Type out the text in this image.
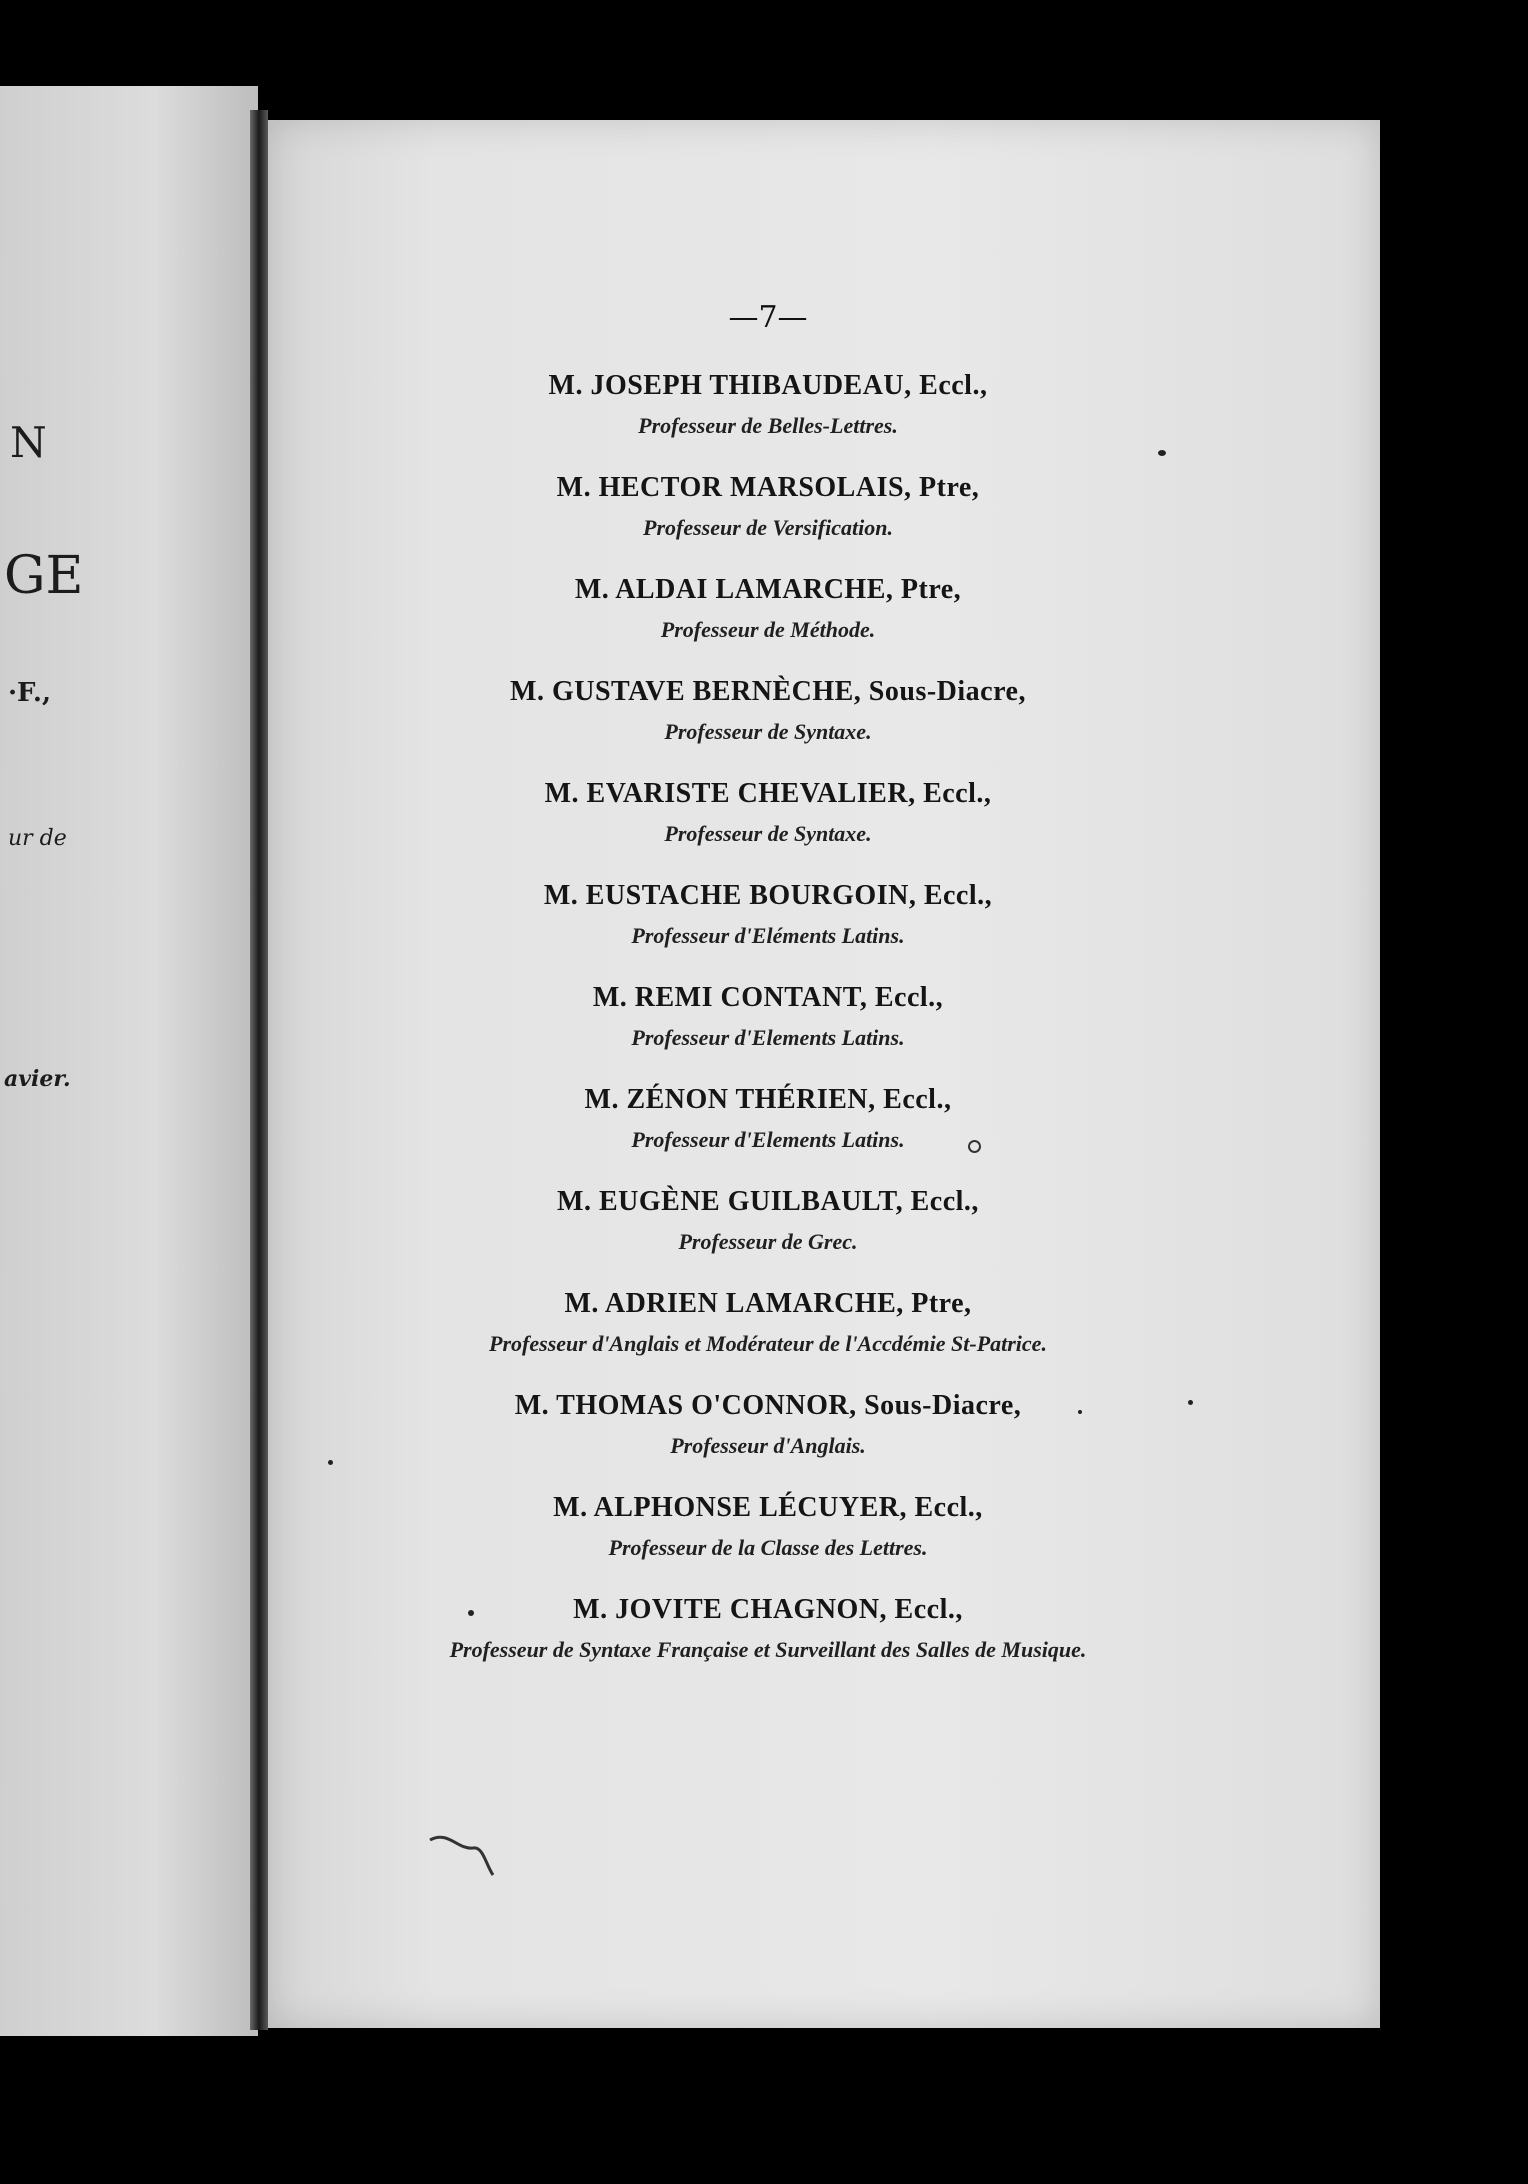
N
GE
·F.,
ur de
avier.
—7—
M. JOSEPH THIBAUDEAU, Eccl.,
Professeur de Belles-Lettres.
M. HECTOR MARSOLAIS, Ptre,
Professeur de Versification.
M. ALDAI LAMARCHE, Ptre,
Professeur de Méthode.
M. GUSTAVE BERNÈCHE, Sous-Diacre,
Professeur de Syntaxe.
M. EVARISTE CHEVALIER, Eccl.,
Professeur de Syntaxe.
M. EUSTACHE BOURGOIN, Eccl.,
Professeur d'Eléments Latins.
M. REMI CONTANT, Eccl.,
Professeur d'Elements Latins.
M. ZÉNON THÉRIEN, Eccl.,
Professeur d'Elements Latins.
M. EUGÈNE GUILBAULT, Eccl.,
Professeur de Grec.
M. ADRIEN LAMARCHE, Ptre,
Professeur d'Anglais et Modérateur de l'Accdémie St-Patrice.
M. THOMAS O'CONNOR, Sous-Diacre,
Professeur d'Anglais.
M. ALPHONSE LÉCUYER, Eccl.,
Professeur de la Classe des Lettres.
M. JOVITE CHAGNON, Eccl.,
Professeur de Syntaxe Française et Surveillant des Salles de Musique.
